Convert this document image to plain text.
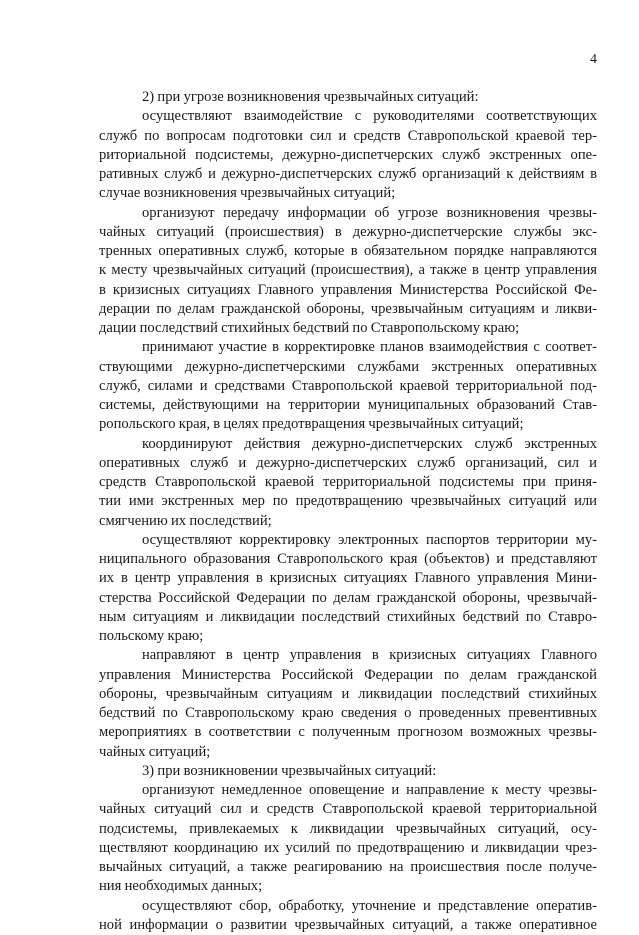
4
2) при угрозе возникновения чрезвычайных ситуаций:
осуществляют взаимодействие с руководителями соответствующих
служб по вопросам подготовки сил и средств Ставропольской краевой тер-
риториальной подсистемы, дежурно-диспетчерских служб экстренных опе-
ративных служб и дежурно-диспетчерских служб организаций к действиям в
случае возникновения чрезвычайных ситуаций;
организуют передачу информации об угрозе возникновения чрезвы-
чайных ситуаций (происшествия) в дежурно-диспетчерские службы экс-
тренных оперативных служб, которые в обязательном порядке направляются
к месту чрезвычайных ситуаций (происшествия), а также в центр управления
в кризисных ситуациях Главного управления Министерства Российской Фе-
дерации по делам гражданской обороны, чрезвычайным ситуациям и ликви-
дации последствий стихийных бедствий по Ставропольскому краю;
принимают участие в корректировке планов взаимодействия с соответ-
ствующими дежурно-диспетчерскими службами экстренных оперативных
служб, силами и средствами Ставропольской краевой территориальной под-
системы, действующими на территории муниципальных образований Став-
ропольского края, в целях предотвращения чрезвычайных ситуаций;
координируют действия дежурно-диспетчерских служб экстренных
оперативных служб и дежурно-диспетчерских служб организаций, сил и
средств Ставропольской краевой территориальной подсистемы при приня-
тии ими экстренных мер по предотвращению чрезвычайных ситуаций или
смягчению их последствий;
осуществляют корректировку электронных паспортов территории му-
ниципального образования Ставропольского края (объектов) и представляют
их в центр управления в кризисных ситуациях Главного управления Мини-
стерства Российской Федерации по делам гражданской обороны, чрезвычай-
ным ситуациям и ликвидации последствий стихийных бедствий по Ставро-
польскому краю;
направляют в центр управления в кризисных ситуациях Главного
управления Министерства Российской Федерации по делам гражданской
обороны, чрезвычайным ситуациям и ликвидации последствий стихийных
бедствий по Ставропольскому краю сведения о проведенных превентивных
мероприятиях в соответствии с полученным прогнозом возможных чрезвы-
чайных ситуаций;
3) при возникновении чрезвычайных ситуаций:
организуют немедленное оповещение и направление к месту чрезвы-
чайных ситуаций сил и средств Ставропольской краевой территориальной
подсистемы, привлекаемых к ликвидации чрезвычайных ситуаций, осу-
ществляют координацию их усилий по предотвращению и ликвидации чрез-
вычайных ситуаций, а также реагированию на происшествия после получе-
ния необходимых данных;
осуществляют сбор, обработку, уточнение и представление оператив-
ной информации о развитии чрезвычайных ситуаций, а также оперативное
